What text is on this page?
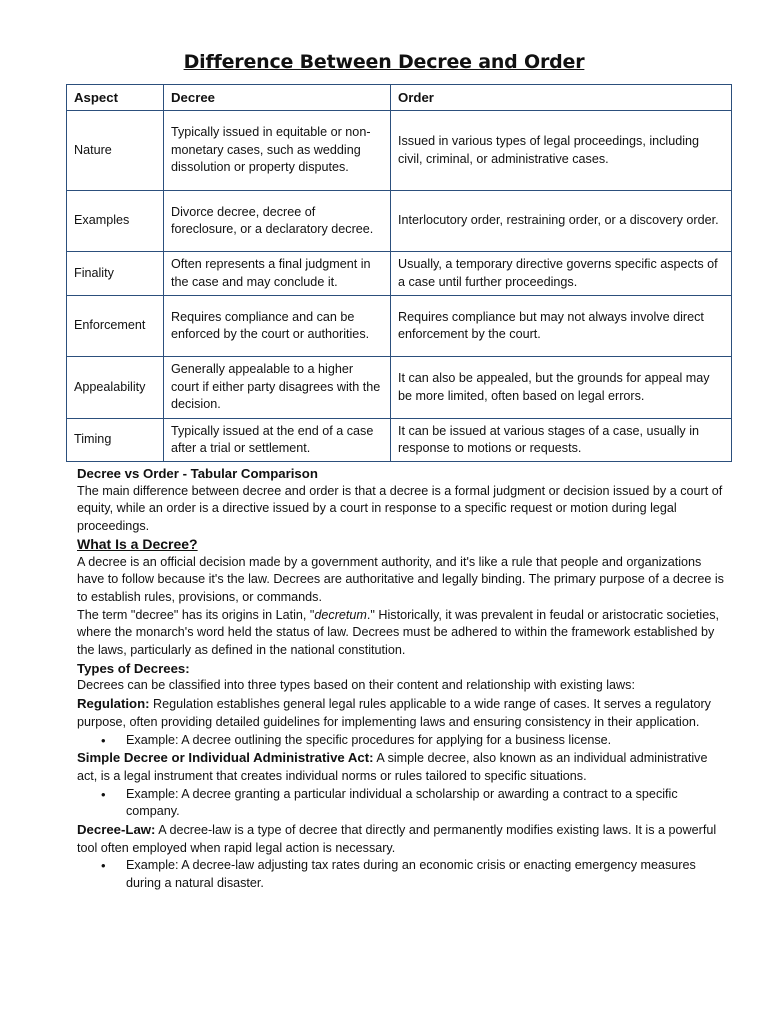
Difference Between Decree and Order
Aspect	Decree	Order
Nature	Typically issued in equitable or non-monetary cases, such as wedding dissolution or property disputes.	Issued in various types of legal proceedings, including civil, criminal, or administrative cases.
Examples	Divorce decree, decree of foreclosure, or a declaratory decree.	Interlocutory order, restraining order, or a discovery order.
Finality	Often represents a final judgment in the case and may conclude it.	Usually, a temporary directive governs specific aspects of a case until further proceedings.
Enforcement	Requires compliance and can be enforced by the court or authorities.	Requires compliance but may not always involve direct enforcement by the court.
Appealability	Generally appealable to a higher court if either party disagrees with the decision.	It can also be appealed, but the grounds for appeal may be more limited, often based on legal errors.
Timing	Typically issued at the end of a case after a trial or settlement.	It can be issued at various stages of a case, usually in response to motions or requests.

Decree vs Order - Tabular Comparison

The main difference between decree and order is that a decree is a formal judgment or decision issued by a court of equity, while an order is a directive issued by a court in response to a specific request or motion during legal proceedings.

What Is a Decree?

A decree is an official decision made by a government authority, and it's like a rule that people and organizations have to follow because it's the law. Decrees are authoritative and legally binding. The primary purpose of a decree is to establish rules, provisions, or commands.

The term "decree" has its origins in Latin, "decretum." Historically, it was prevalent in feudal or aristocratic societies, where the monarch's word held the status of law. Decrees must be adhered to within the framework established by the laws, particularly as defined in the national constitution.

Types of Decrees:

Decrees can be classified into three types based on their content and relationship with existing laws:

Regulation: Regulation establishes general legal rules applicable to a wide range of cases. It serves a regulatory purpose, often providing detailed guidelines for implementing laws and ensuring consistency in their application.

• Example: A decree outlining the specific procedures for applying for a business license.

Simple Decree or Individual Administrative Act: A simple decree, also known as an individual administrative act, is a legal instrument that creates individual norms or rules tailored to specific situations.

• Example: A decree granting a particular individual a scholarship or awarding a contract to a specific company.

Decree-Law: A decree-law is a type of decree that directly and permanently modifies existing laws. It is a powerful tool often employed when rapid legal action is necessary.

• Example: A decree-law adjusting tax rates during an economic crisis or enacting emergency measures during a natural disaster.
